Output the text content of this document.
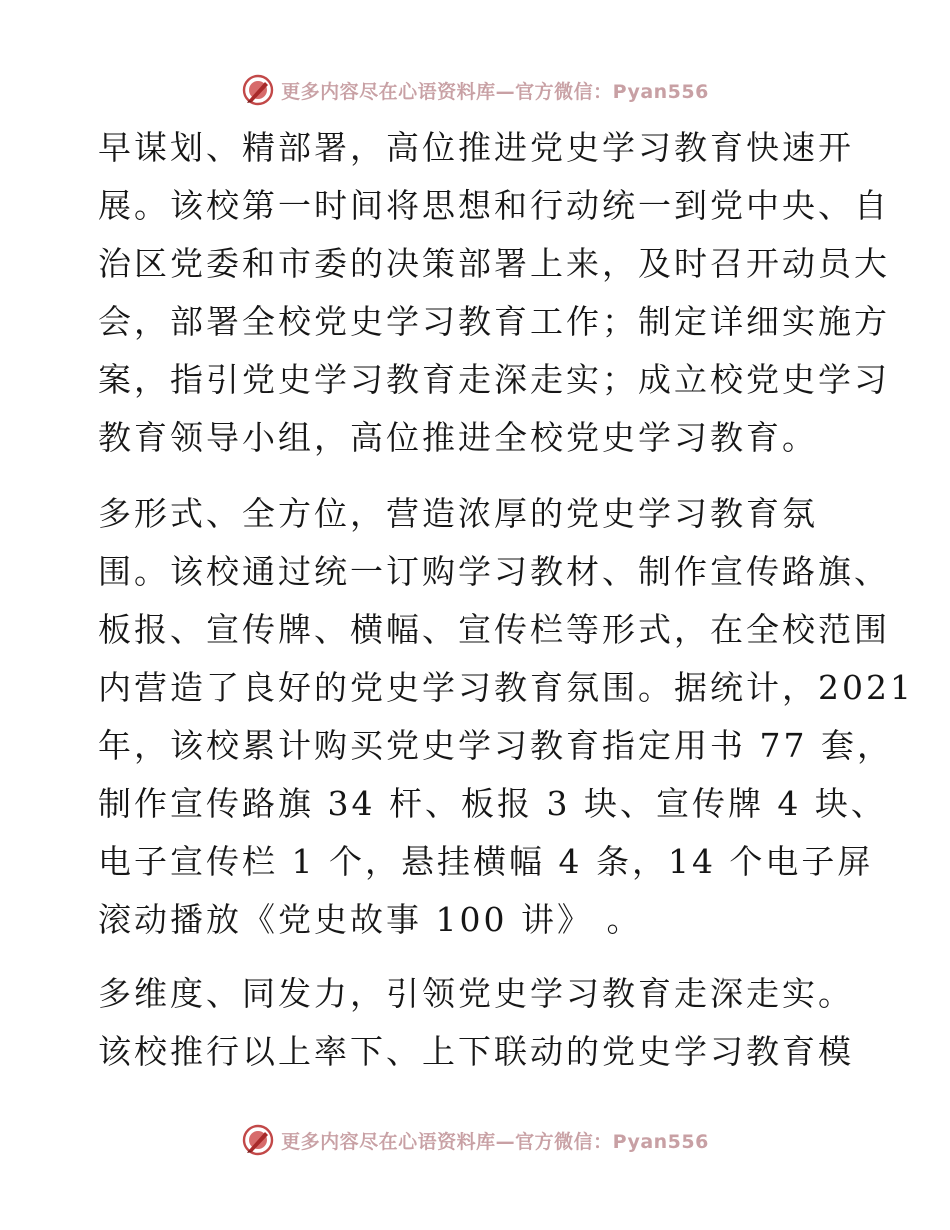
更多内容尽在心语资料库—官方微信：Pyan556
早谋划、精部署，高位推进党史学习教育快速开
展。该校第一时间将思想和行动统一到党中央、自
治区党委和市委的决策部署上来，及时召开动员大
会，部署全校党史学习教育工作；制定详细实施方
案，指引党史学习教育走深走实；成立校党史学习
教育领导小组，高位推进全校党史学习教育。
多形式、全方位，营造浓厚的党史学习教育氛
围。该校通过统一订购学习教材、制作宣传路旗、
板报、宣传牌、横幅、宣传栏等形式，在全校范围
内营造了良好的党史学习教育氛围。据统计，2021
年，该校累计购买党史学习教育指定用书 77 套，
制作宣传路旗 34 杆、板报 3 块、宣传牌 4 块、
电子宣传栏 1 个，悬挂横幅 4 条，14 个电子屏
滚动播放《党史故事 100 讲》 。
多维度、同发力，引领党史学习教育走深走实。
该校推行以上率下、上下联动的党史学习教育模
更多内容尽在心语资料库—官方微信：Pyan556
